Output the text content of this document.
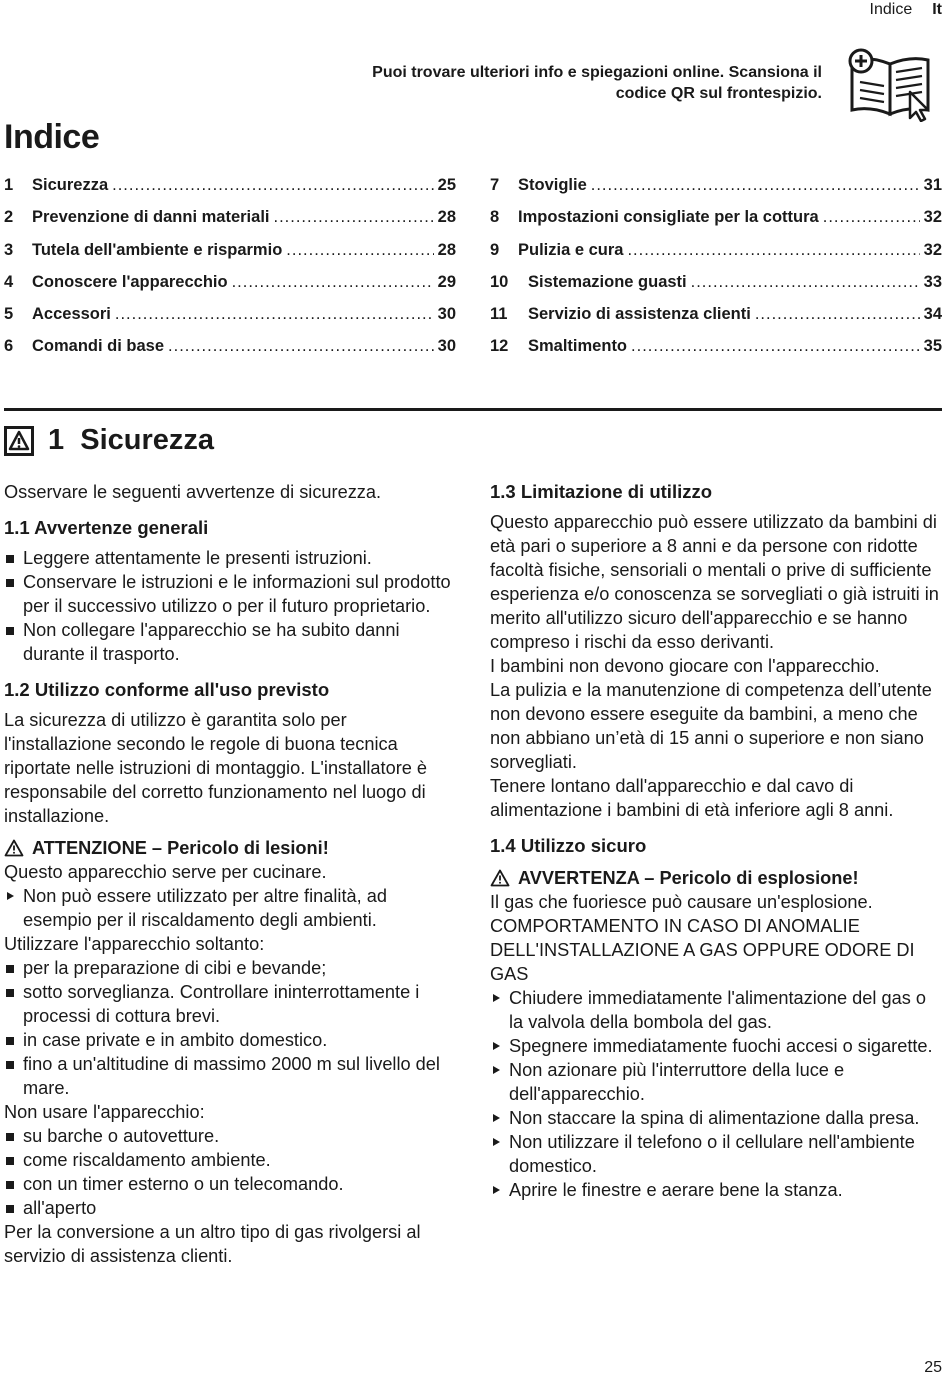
Indice It
Puoi trovare ulteriori info e spiegazioni online. Scansiona il codice QR sul frontespizio.
Indice
1	Sicurezza .....	25
2	Prevenzione di danni materiali .....	28
3	Tutela dell'ambiente e risparmio .....	28
4	Conoscere l'apparecchio .....	29
5	Accessori .....	30
6	Comandi di base .....	30
7	Stoviglie .....	31
8	Impostazioni consigliate per la cottura .....	32
9	Pulizia e cura .....	32
10	Sistemazione guasti .....	33
11	Servizio di assistenza clienti .....	34
12	Smaltimento .....	35
1
Sicurezza

Osservare le seguenti avvertenze di sicurezza.

1.1 Avvertenze generali
Leggere attentamente le presenti istruzioni.
Conservare le istruzioni e le informazioni sul prodotto per il successivo utilizzo o per il futuro proprietario.
Non collegare l'apparecchio se ha subito danni durante il trasporto.
1.2 Utilizzo conforme all'uso previsto

La sicurezza di utilizzo è garantita solo per l'installazione secondo le regole di buona tecnica riportate nelle istruzioni di montaggio. L'installatore è responsabile del corretto funzionamento nel luogo di installazione.

ATTENZIONE – Pericolo di lesioni!

Questo apparecchio serve per cucinare.

Non può essere utilizzato per altre finalità, ad esempio per il riscaldamento degli ambienti.

Utilizzare l'apparecchio soltanto:

per la preparazione di cibi e bevande;
sotto sorveglianza. Controllare ininterrottamente i processi di cottura brevi.
in case private e in ambito domestico.
fino a un'altitudine di massimo 2000 m sul livello del mare.

Non usare l'apparecchio:

su barche o autovetture.
come riscaldamento ambiente.
con un timer esterno o un telecomando.
all'aperto

Per la conversione a un altro tipo di gas rivolgersi al servizio di assistenza clienti.

1.3 Limitazione di utilizzo

Questo apparecchio può essere utilizzato da bambini di età pari o superiore a 8 anni e da persone con ridotte facoltà fisiche, sensoriali o mentali o prive di sufficiente esperienza e/o conoscenza se sorvegliati o già istruiti in merito all'utilizzo sicuro dell'apparecchio e se hanno compreso i rischi da esso derivanti.

I bambini non devono giocare con l'apparecchio.

La pulizia e la manutenzione di competenza dell’utente non devono essere eseguite da bambini, a meno che non abbiano un’età di 15 anni o superiore e non siano sorvegliati.

Tenere lontano dall'apparecchio e dal cavo di alimentazione i bambini di età inferiore agli 8 anni.

1.4 Utilizzo sicuro
AVVERTENZA – Pericolo di esplosione!

Il gas che fuoriesce può causare un'esplosione.

COMPORTAMENTO IN CASO DI ANOMALIE DELL'INSTALLAZIONE A GAS OPPURE ODORE DI GAS

Chiudere immediatamente l'alimentazione del gas o la valvola della bombola del gas.
Spegnere immediatamente fuochi accesi o sigarette.
Non azionare più l'interruttore della luce e dell'apparecchio.
Non staccare la spina di alimentazione dalla presa.
Non utilizzare il telefono o il cellulare nell'ambiente domestico.
Aprire le finestre e aerare bene la stanza.
25
